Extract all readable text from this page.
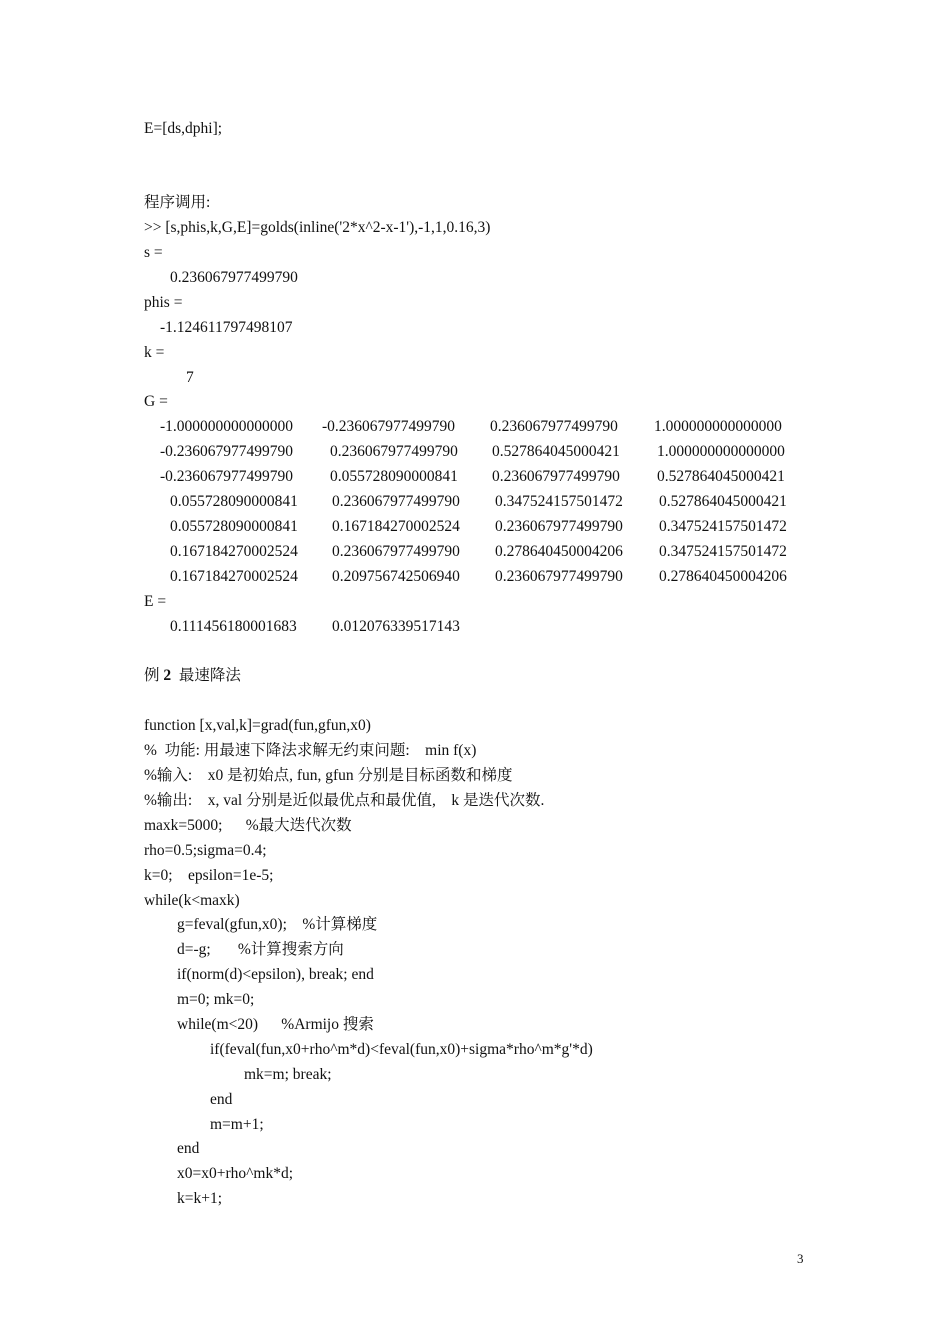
E=[ds,dphi];
程序调用:
>> [s,phis,k,G,E]=golds(inline('2*x^2-x-1'),-1,1,0.16,3)
s =
0.236067977499790
phis =
-1.124611797498107
k =
7
G =
-1.000000000000000 -0.236067977499790 0.236067977499790 1.000000000000000
-0.236067977499790 0.236067977499790 0.527864045000421 1.000000000000000
-0.236067977499790 0.055728090000841 0.236067977499790 0.527864045000421
0.055728090000841 0.236067977499790 0.347524157501472 0.527864045000421
0.055728090000841 0.167184270002524 0.236067977499790 0.347524157501472
0.167184270002524 0.236067977499790 0.278640450004206 0.347524157501472
0.167184270002524 0.209756742506940 0.236067977499790 0.278640450004206
E =
0.111456180001683 0.012076339517143
例 2 最速降法
function [x,val,k]=grad(fun,gfun,x0)
%  功能: 用最速下降法求解无约束问题:    min f(x)
%输入:    x0 是初始点, fun, gfun 分别是目标函数和梯度
%输出:    x, val 分别是近似最优点和最优值,    k 是迭代次数.
maxk=5000;      %最大迭代次数
rho=0.5;sigma=0.4;
k=0;    epsilon=1e-5;
while(k<maxk)
g=feval(gfun,x0);    %计算梯度
d=-g;       %计算搜索方向
if(norm(d)<epsilon), break; end
m=0; mk=0;
while(m<20)      %Armijo 搜索
if(feval(fun,x0+rho^m*d)<feval(fun,x0)+sigma*rho^m*g'*d)
mk=m; break;
end
m=m+1;
end
x0=x0+rho^mk*d;
k=k+1;
3
